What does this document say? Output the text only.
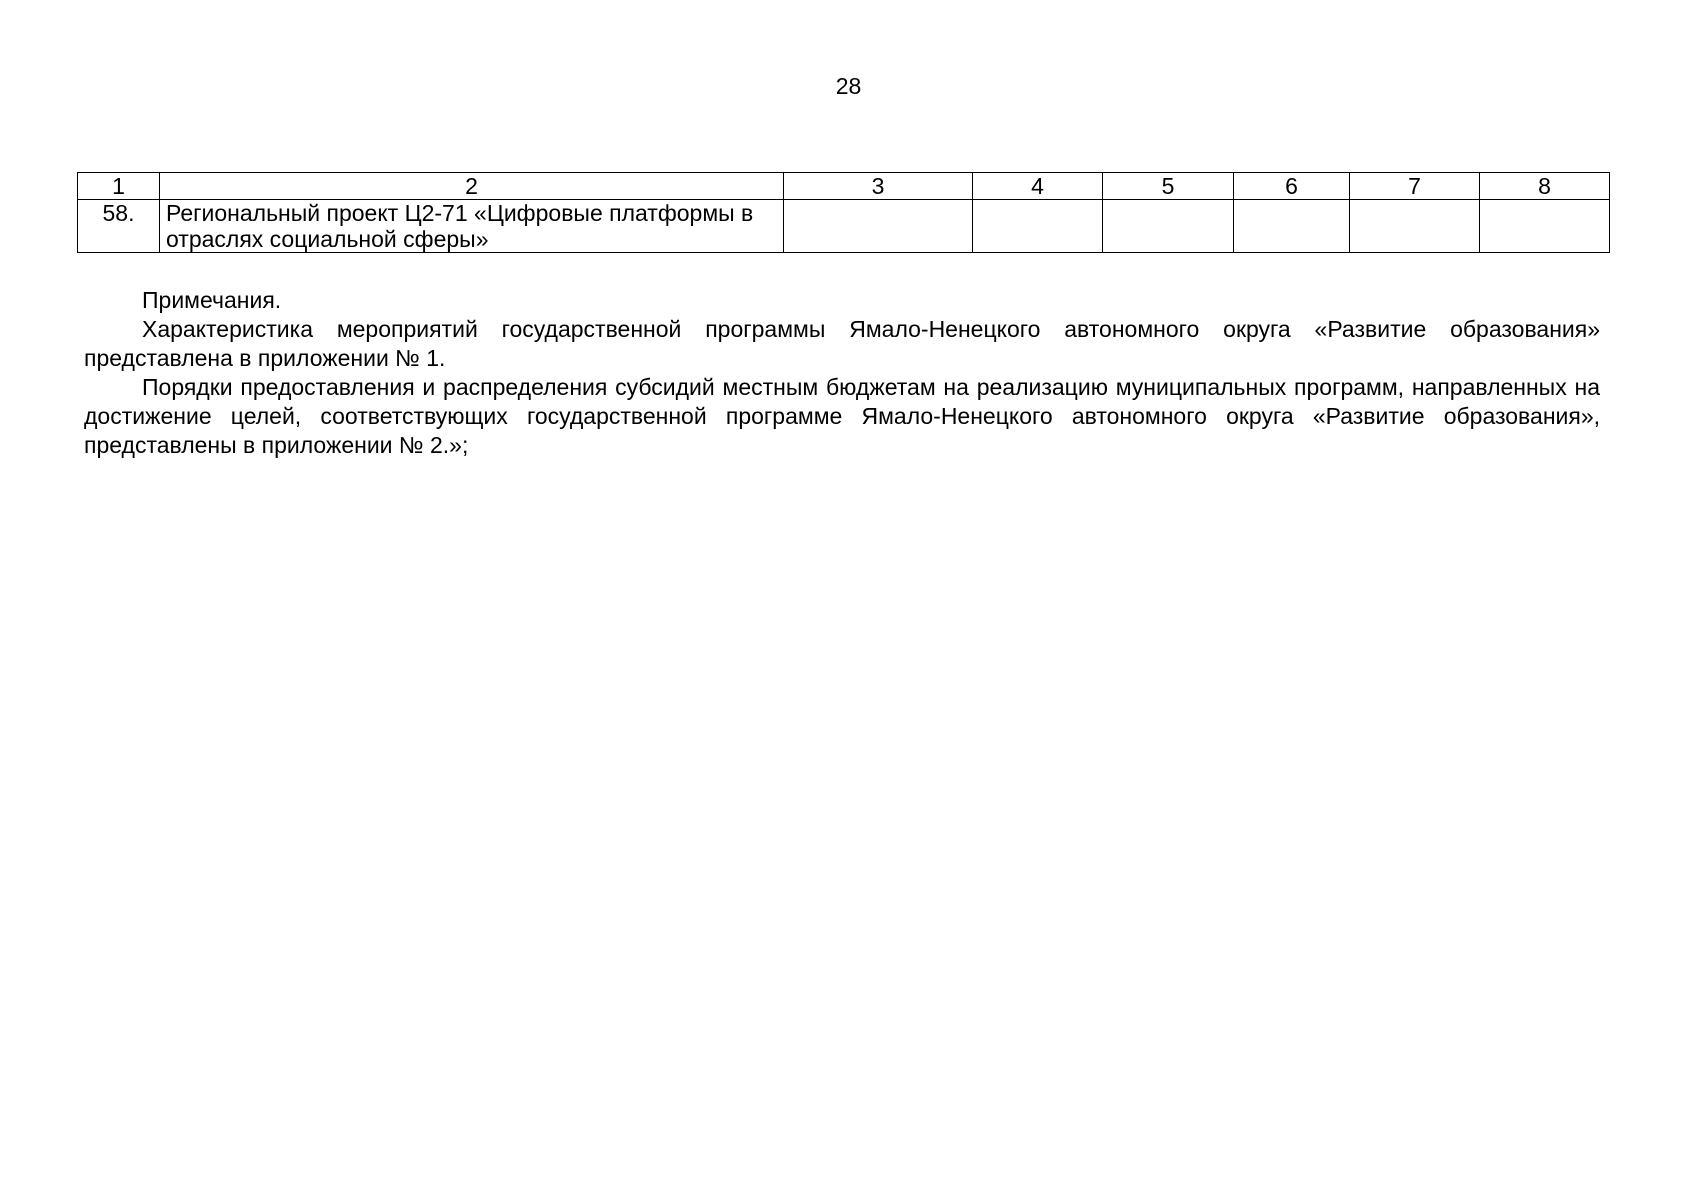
28
1	2	3	4	5	6	7	8
58.	Региональный проект Ц2-71 «Цифровые платформы в отраслях социальной сферы»						

Примечания.

Характеристика мероприятий государственной программы Ямало-Ненецкого автономного округа «Развитие образования» представлена в приложении № 1.

Порядки предоставления и распределения субсидий местным бюджетам на реализацию муниципальных программ, направленных на достижение целей, соответствующих государственной программе Ямало-Ненецкого автономного округа «Развитие образования», представлены в приложении № 2.»;
